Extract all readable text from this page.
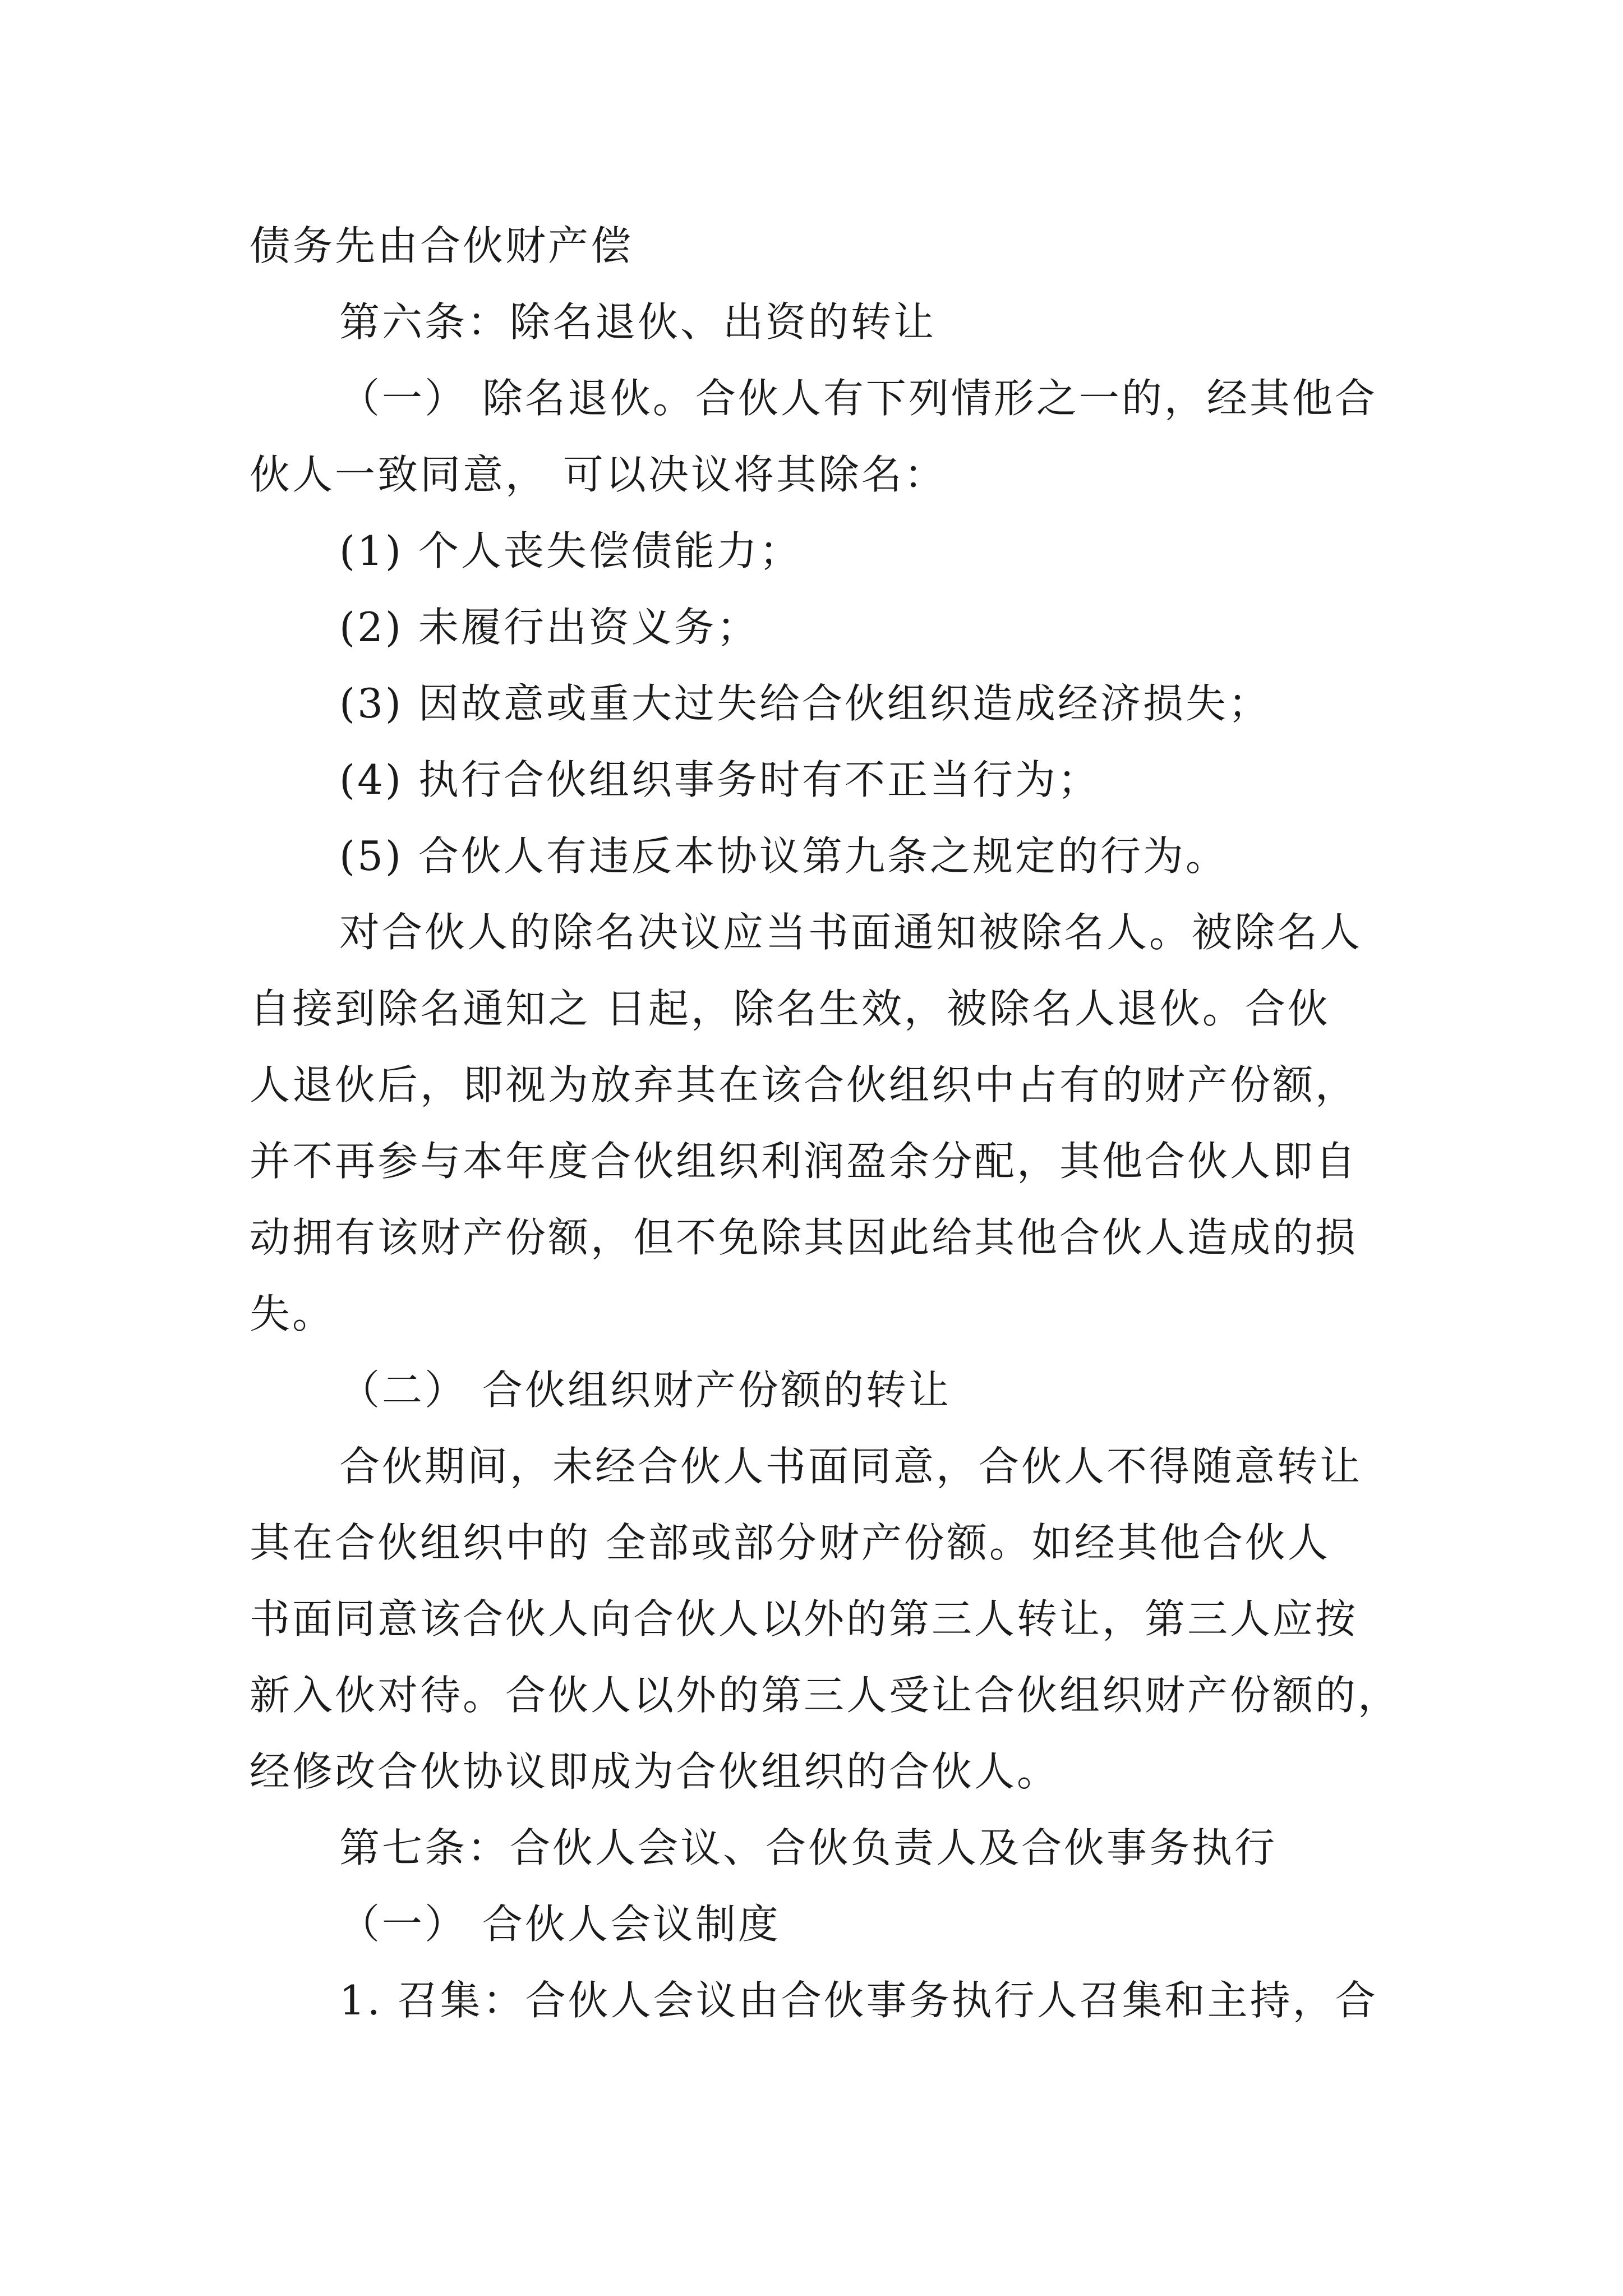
债务先由合伙财产偿
第六条：除名退伙、出资的转让
（一） 除名退伙。合伙人有下列情形之一的，经其他合
伙人一致同意， 可以决议将其除名：
(1) 个人丧失偿债能力；
(2) 未履行出资义务；
(3) 因故意或重大过失给合伙组织造成经济损失；
(4) 执行合伙组织事务时有不正当行为；
(5) 合伙人有违反本协议第九条之规定的行为。
对合伙人的除名决议应当书面通知被除名人。被除名人
自接到除名通知之 日起，除名生效，被除名人退伙。合伙
人退伙后，即视为放弃其在该合伙组织中占有的财产份额，
并不再参与本年度合伙组织利润盈余分配，其他合伙人即自
动拥有该财产份额，但不免除其因此给其他合伙人造成的损
失。
（二） 合伙组织财产份额的转让
合伙期间，未经合伙人书面同意，合伙人不得随意转让
其在合伙组织中的 全部或部分财产份额。如经其他合伙人
书面同意该合伙人向合伙人以外的第三人转让，第三人应按
新入伙对待。合伙人以外的第三人受让合伙组织财产份额的，
经修改合伙协议即成为合伙组织的合伙人。
第七条：合伙人会议、合伙负责人及合伙事务执行
（一） 合伙人会议制度
1. 召集：合伙人会议由合伙事务执行人召集和主持，合
